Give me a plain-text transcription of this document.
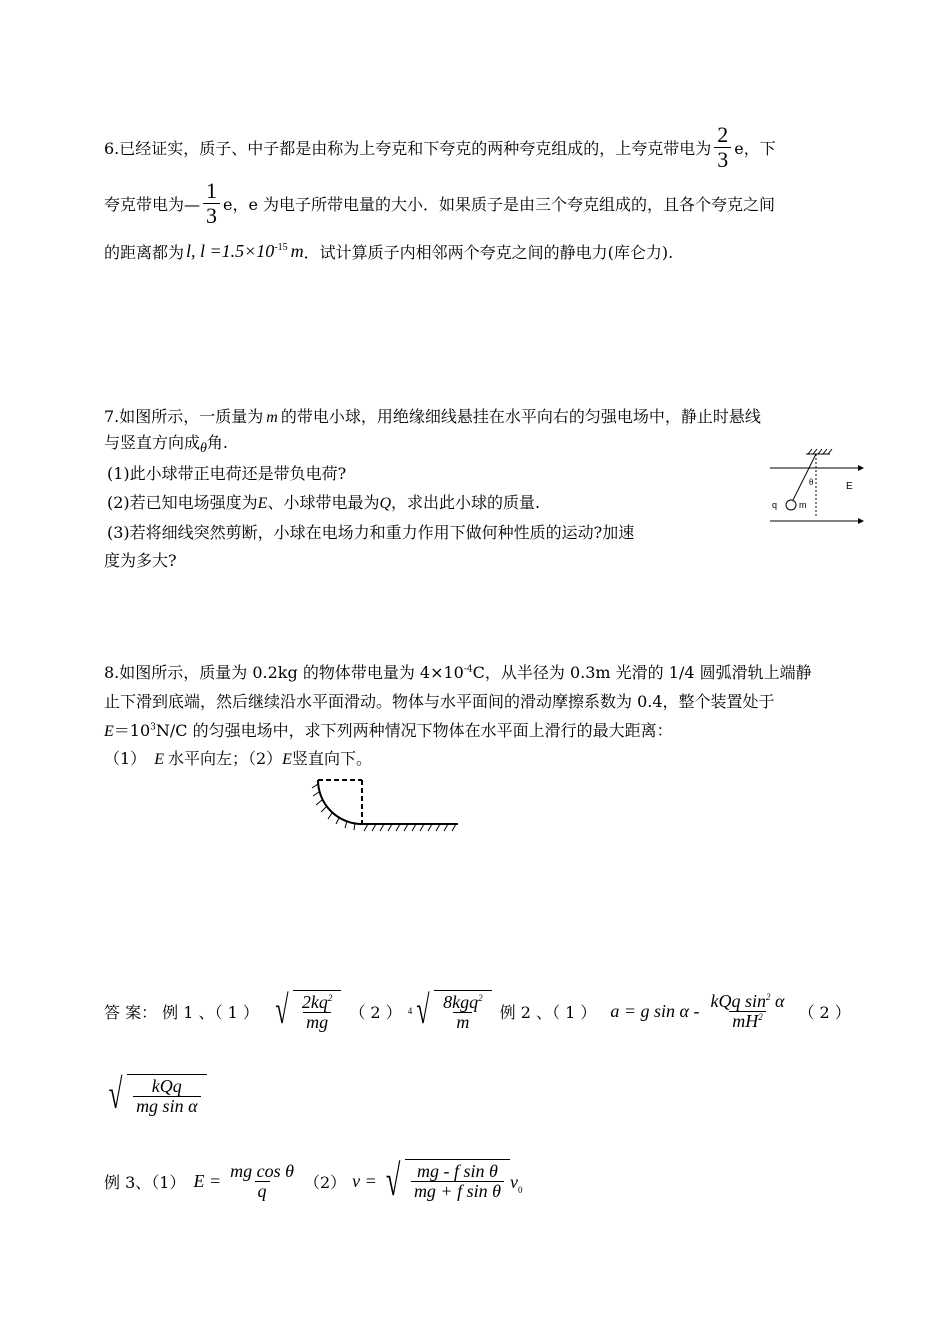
6.已经证实，质子、中子都是由称为上夸克和下夸克的两种夸克组成的，上夸克带电为 $\frac{2}{3}$ e，下
夸克带电为— $\frac{1}{3}$ e，e 为电子所带电量的大小．如果质子是由三个夸克组成的，且各个夸克之间
的距离都为 l, $l =1.5\times 10^{-15}$ m ．试计算质子内相邻两个夸克之间的静电力(库仑力).
7.如图所示，一质量为 m 的带电小球，用绝缘细线悬挂在水平向右的匀强电场中，静止时悬线
与竖直方向成θ角.
(1)此小球带正电荷还是带负电荷?
(2)若已知电场强度为E、小球带电最为Q，求出此小球的质量.
(3)若将细线突然剪断，小球在电场力和重力作用下做何种性质的运动?加速
度为多大?
θ	E
q m
8.如图所示，质量为 0.2kg 的物体带电量为 $4\times 10^{-4}C$，从半径为 0.3m 光滑的 1/4 圆弧滑轨上端静
止下滑到底端，然后继续沿水平面滑动。物体与水平面间的滑动摩擦系数为 0.4，整个装置处于
$E=10^3N/C$ 的匀强电场中，求下列两种情况下物体在水平面上滑行的最大距离：
（1） E 水平向左；（2）E竖直向下。
答 案： 例 1 、（ 1 ） √ $\frac{2kq^2}{mg}$ （ 2 ） 4 √ $\frac{8kgq^2}{m}$ 例 2 、（ 1 ） a = g sin α - $\frac{kQq \sin^2 \alpha}{mH^2}$ （ 2 ）
√ $\frac{\text{kQq}}{\text{mg sin α}}$
例 3、（1） $E = \frac{\text{mg cos θ}}{q} (2) v$ = √ $\frac{\text{mg - f sin θ}}{\text{mg + f sin θ}} v_0$
